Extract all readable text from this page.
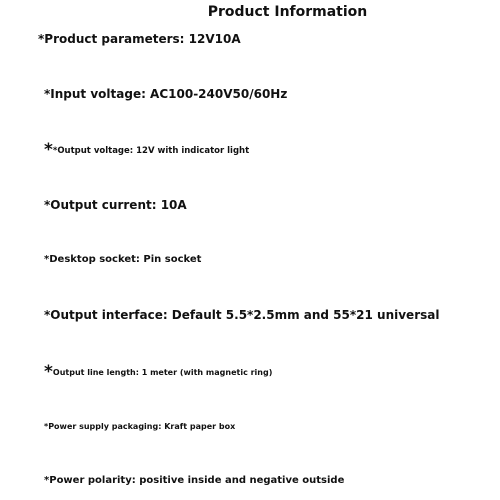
Product Information
*Product parameters: 12V10A
*Input voltage: AC100-240V50/60Hz
**Output voltage: 12V with indicator light
*Output current: 10A
*Desktop socket: Pin socket
*Output interface: Default 5.5*2.5mm and 55*21 universal
*Output line length: 1 meter (with magnetic ring)
*Power supply packaging: Kraft paper box
*Power polarity: positive inside and negative outside
